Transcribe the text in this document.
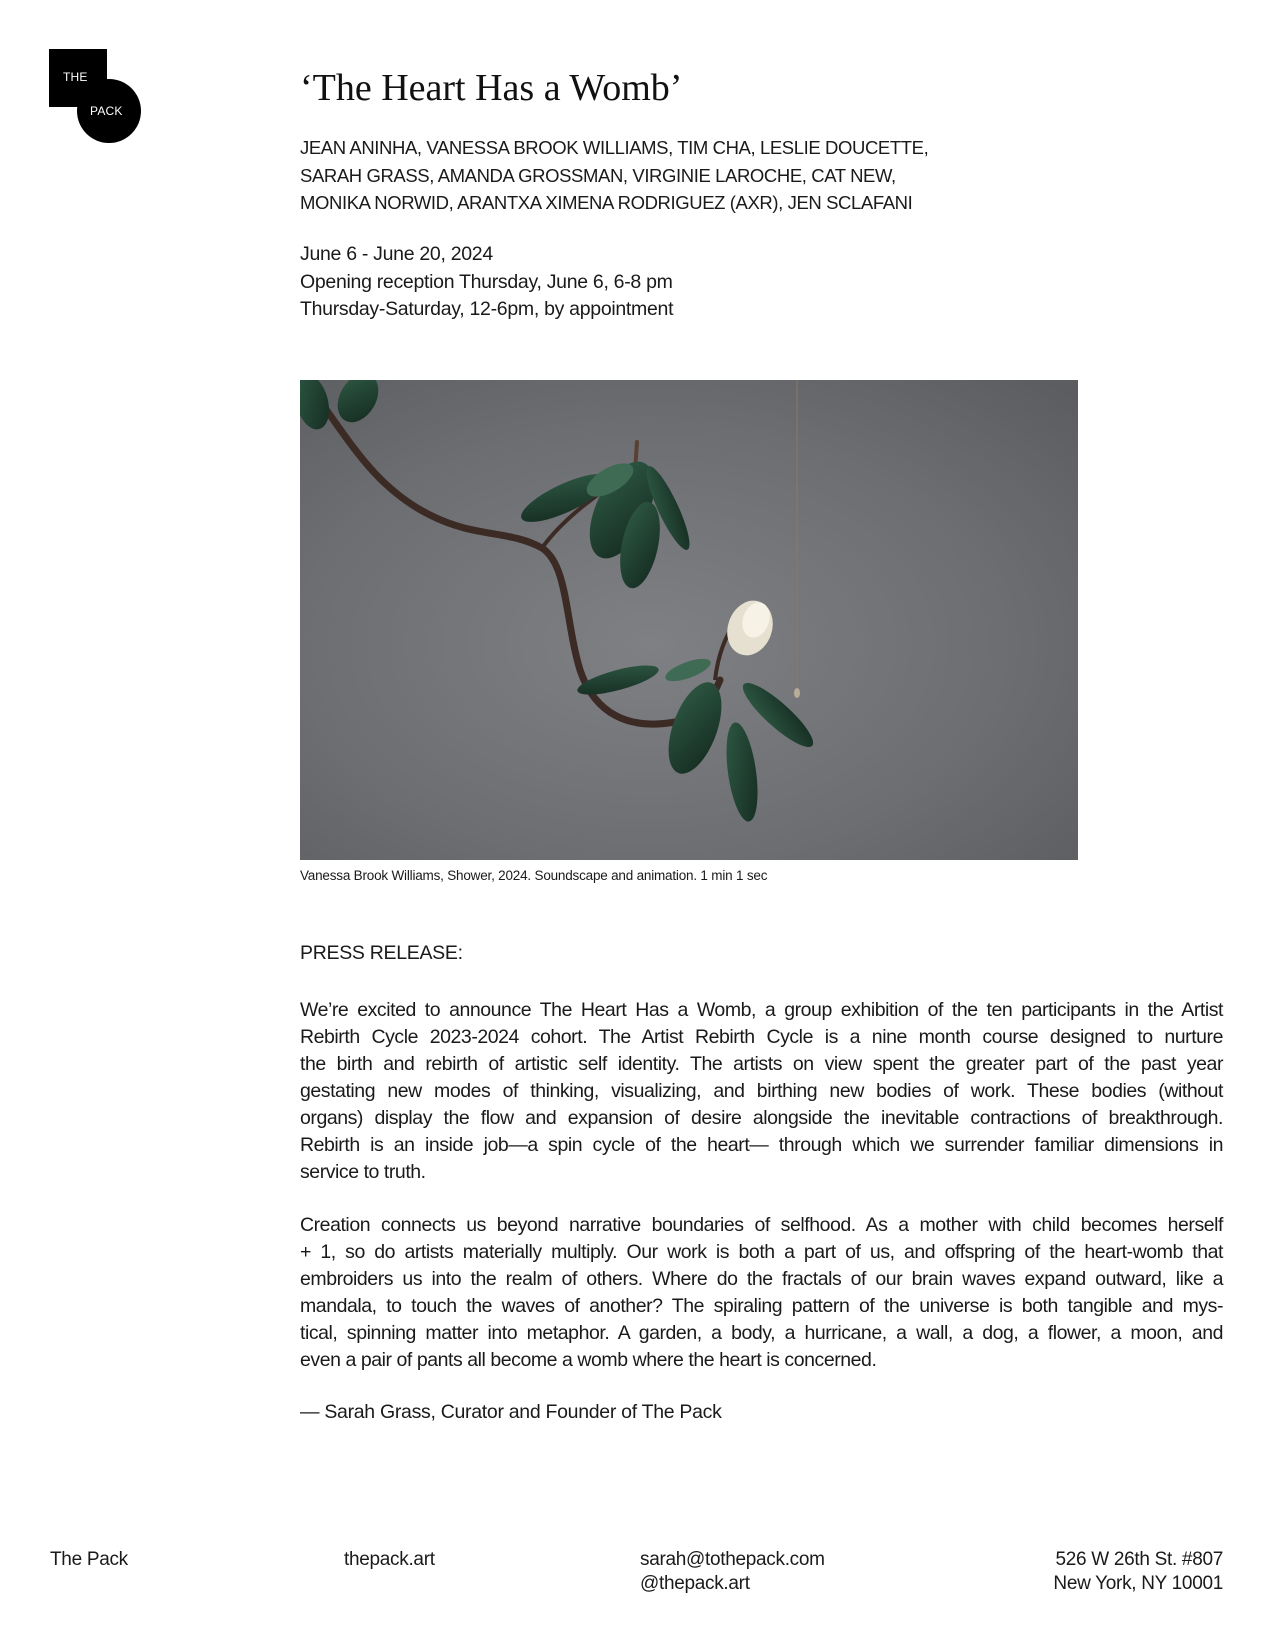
THE
PACK
‘The Heart Has a Womb’

JEAN ANINHA, VANESSA BROOK WILLIAMS, TIM CHA, LESLIE DOUCETTE,
SARAH GRASS, AMANDA GROSSMAN, VIRGINIE LAROCHE, CAT NEW,
MONIKA NORWID, ARANTXA XIMENA RODRIGUEZ (AXR), JEN SCLAFANI

June 6 - June 20, 2024
Opening reception Thursday, June 6, 6-8 pm
Thursday-Saturday, 12-6pm, by appointment

Vanessa Brook Williams, Shower, 2024. Soundscape and animation. 1 min 1 sec

PRESS RELEASE:

We’re excited to announce The Heart Has a Womb, a group exhibition of the ten participants in the Artist
Rebirth Cycle 2023-2024 cohort. The Artist Rebirth Cycle is a nine month course designed to nurture
the birth and rebirth of artistic self identity. The artists on view spent the greater part of the past year
gestating new modes of thinking, visualizing, and birthing new bodies of work. These bodies (without
organs) display the flow and expansion of desire alongside the inevitable contractions of breakthrough.
Rebirth is an inside job—a spin cycle of the heart— through which we surrender familiar dimensions in
service to truth.

Creation connects us beyond narrative boundaries of selfhood. As a mother with child becomes herself
+ 1, so do artists materially multiply. Our work is both a part of us, and offspring of the heart-womb that
embroiders us into the realm of others. Where do the fractals of our brain waves expand outward, like a
mandala, to touch the waves of another? The spiraling pattern of the universe is both tangible and mys-
tical, spinning matter into metaphor. A garden, a body, a hurricane, a wall, a dog, a flower, a moon, and
even a pair of pants all become a womb where the heart is concerned.

— Sarah Grass, Curator and Founder of The Pack

The Pack	thepack.art	sarah@tothepack.com
@thepack.art
526 W 26th St. #807
New York, NY 10001
